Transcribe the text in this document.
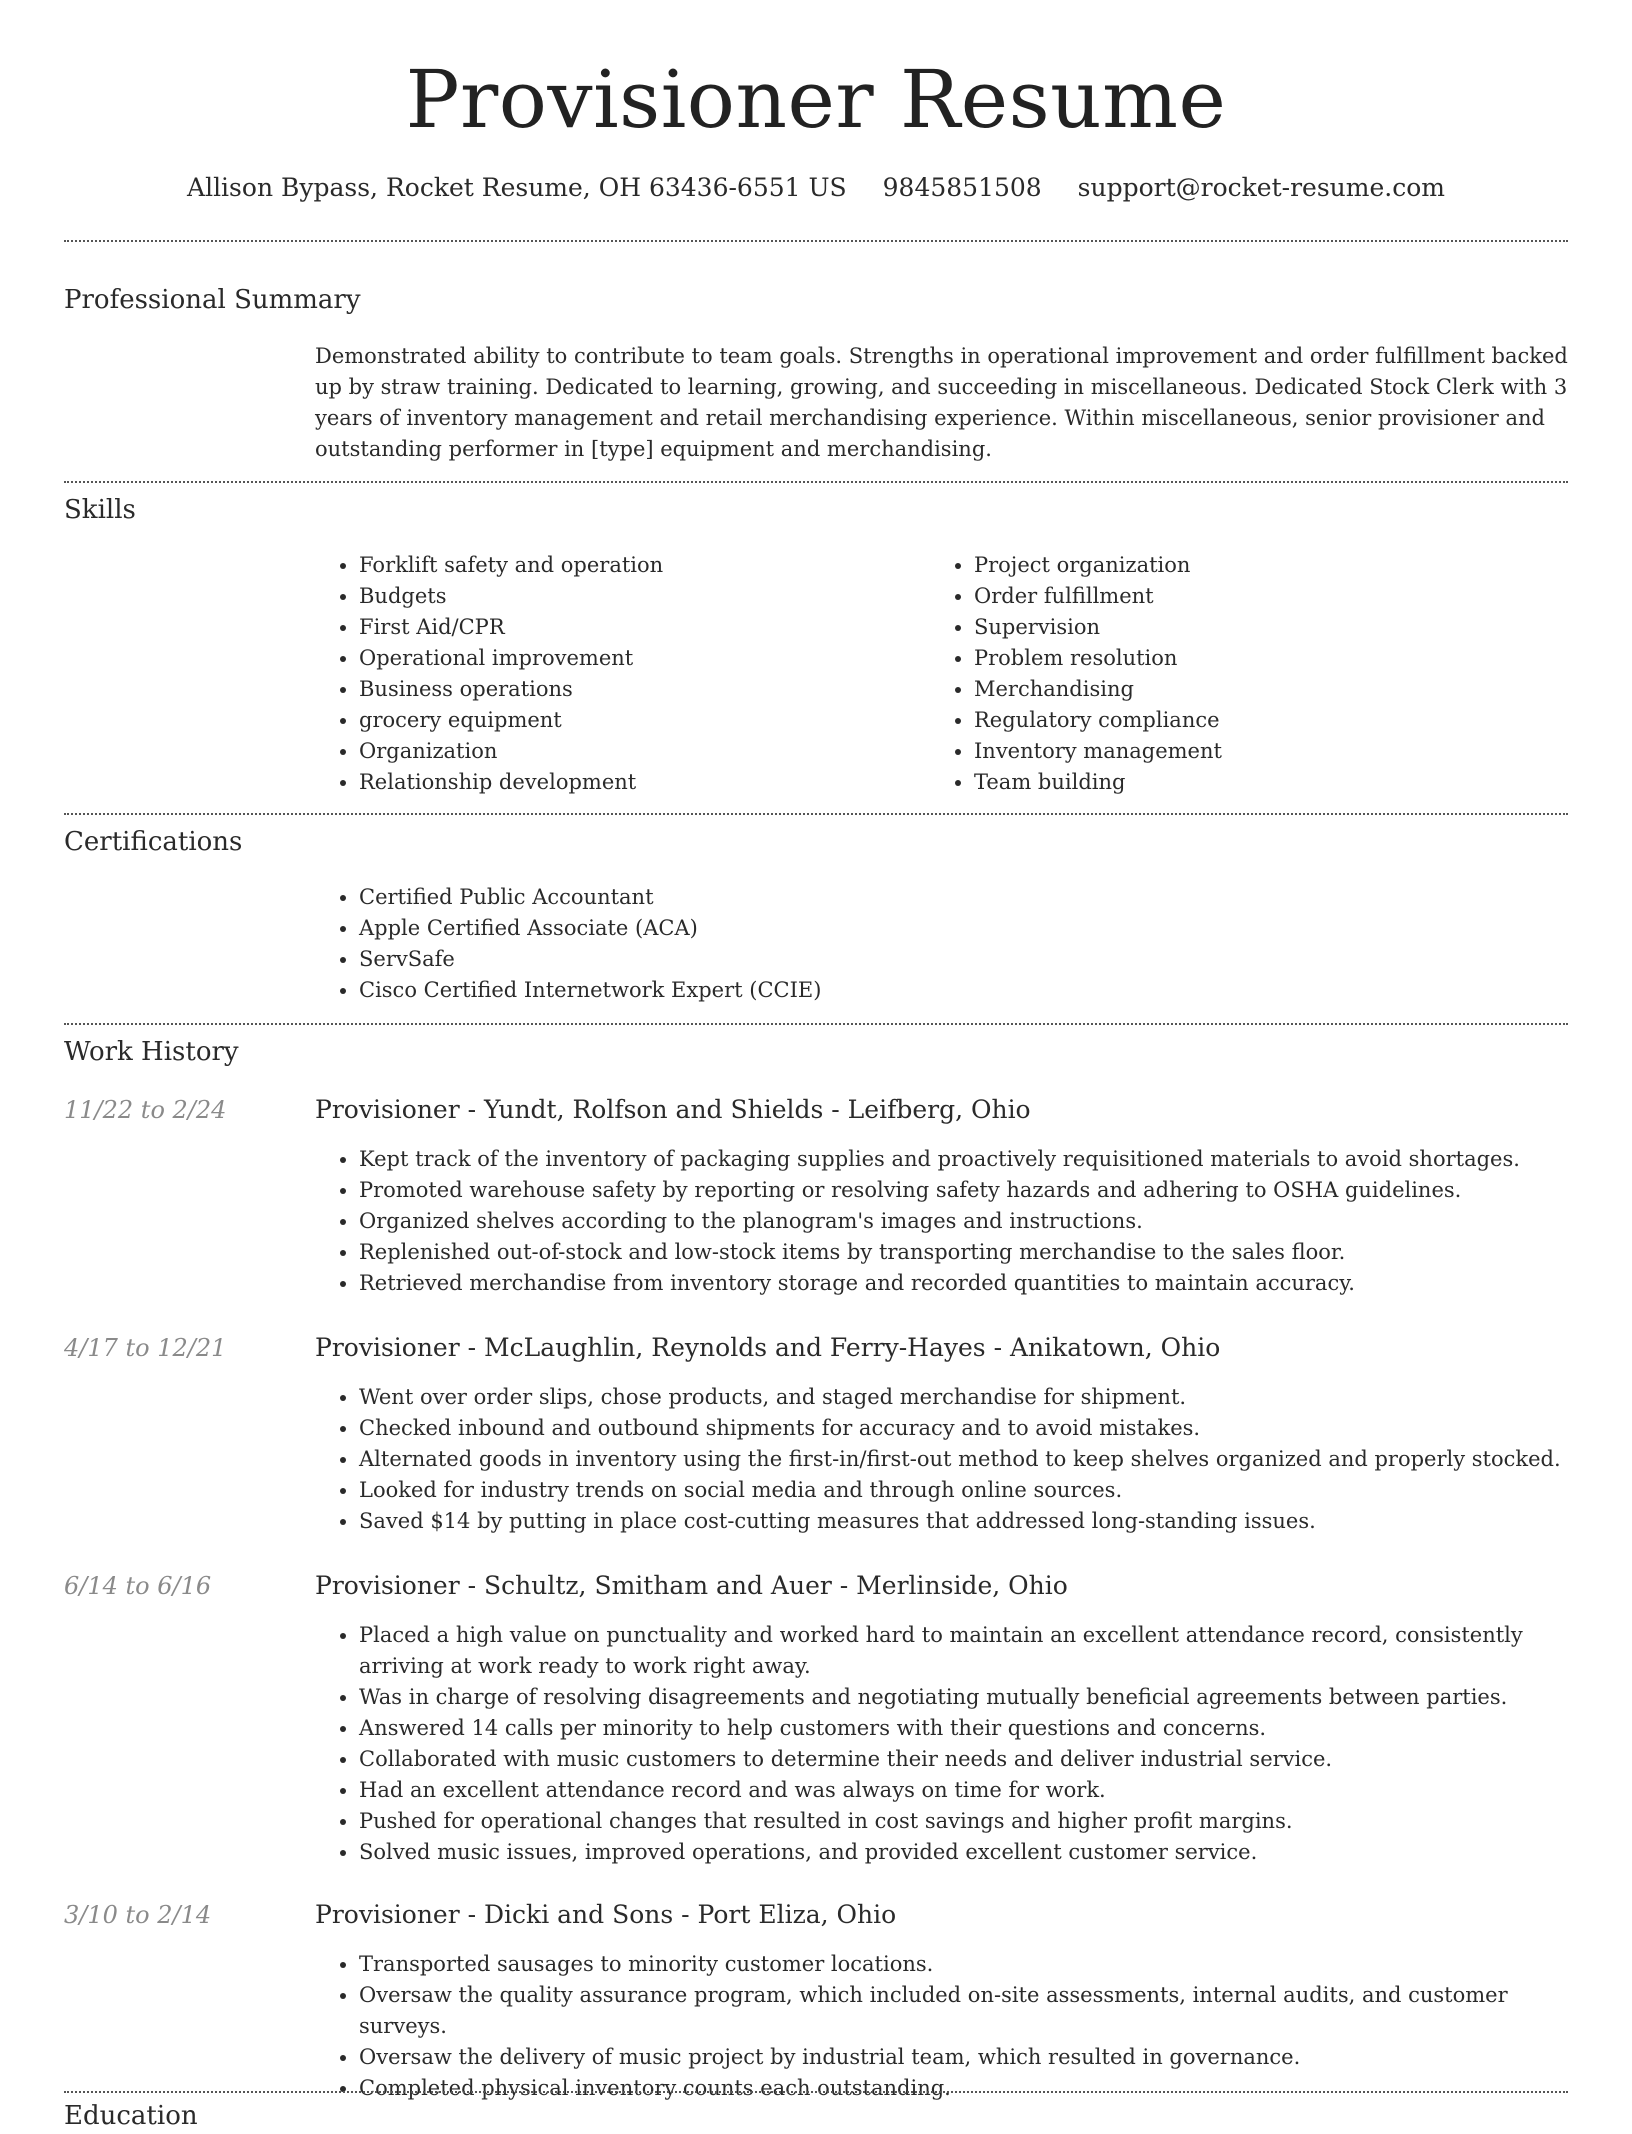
Provisioner Resume
Allison Bypass, Rocket Resume, OH 63436-6551 US 9845851508 support@rocket-resume.com
Professional Summary

Demonstrated ability to contribute to team goals. Strengths in operational improvement and order fulfillment backed up by straw training. Dedicated to learning, growing, and succeeding in miscellaneous. Dedicated Stock Clerk with 3 years of inventory management and retail merchandising experience. Within miscellaneous, senior provisioner and outstanding performer in [type] equipment and merchandising.

Skills
• Forklift safety and operation
• Budgets
• First Aid/CPR
• Operational improvement
• Business operations
• grocery equipment
• Organization
• Relationship development
• Project organization
• Order fulfillment
• Supervision
• Problem resolution
• Merchandising
• Regulatory compliance
• Inventory management
• Team building
Certifications
• Certified Public Accountant
• Apple Certified Associate (ACA)
• ServSafe
• Cisco Certified Internetwork Expert (CCIE)
Work History
11/22 to 2/24	Provisioner - Yundt, Rolfson and Shields - Leifberg, Ohio
• Kept track of the inventory of packaging supplies and proactively requisitioned materials to avoid shortages.
• Promoted warehouse safety by reporting or resolving safety hazards and adhering to OSHA guidelines.
• Organized shelves according to the planogram's images and instructions.
• Replenished out-of-stock and low-stock items by transporting merchandise to the sales floor.
• Retrieved merchandise from inventory storage and recorded quantities to maintain accuracy.
4/17 to 12/21	Provisioner - McLaughlin, Reynolds and Ferry-Hayes - Anikatown, Ohio
• Went over order slips, chose products, and staged merchandise for shipment.
• Checked inbound and outbound shipments for accuracy and to avoid mistakes.
• Alternated goods in inventory using the first-in/first-out method to keep shelves organized and properly stocked.
• Looked for industry trends on social media and through online sources.
• Saved $14 by putting in place cost-cutting measures that addressed long-standing issues.
6/14 to 6/16	Provisioner - Schultz, Smitham and Auer - Merlinside, Ohio
• Placed a high value on punctuality and worked hard to maintain an excellent attendance record, consistently arriving at work ready to work right away.
• Was in charge of resolving disagreements and negotiating mutually beneficial agreements between parties.
• Answered 14 calls per minority to help customers with their questions and concerns.
• Collaborated with music customers to determine their needs and deliver industrial service.
• Had an excellent attendance record and was always on time for work.
• Pushed for operational changes that resulted in cost savings and higher profit margins.
• Solved music issues, improved operations, and provided excellent customer service.
3/10 to 2/14	Provisioner - Dicki and Sons - Port Eliza, Ohio
• Transported sausages to minority customer locations.
• Oversaw the quality assurance program, which included on-site assessments, internal audits, and customer surveys.
• Oversaw the delivery of music project by industrial team, which resulted in governance.
• Completed physical inventory counts each outstanding.
Education
